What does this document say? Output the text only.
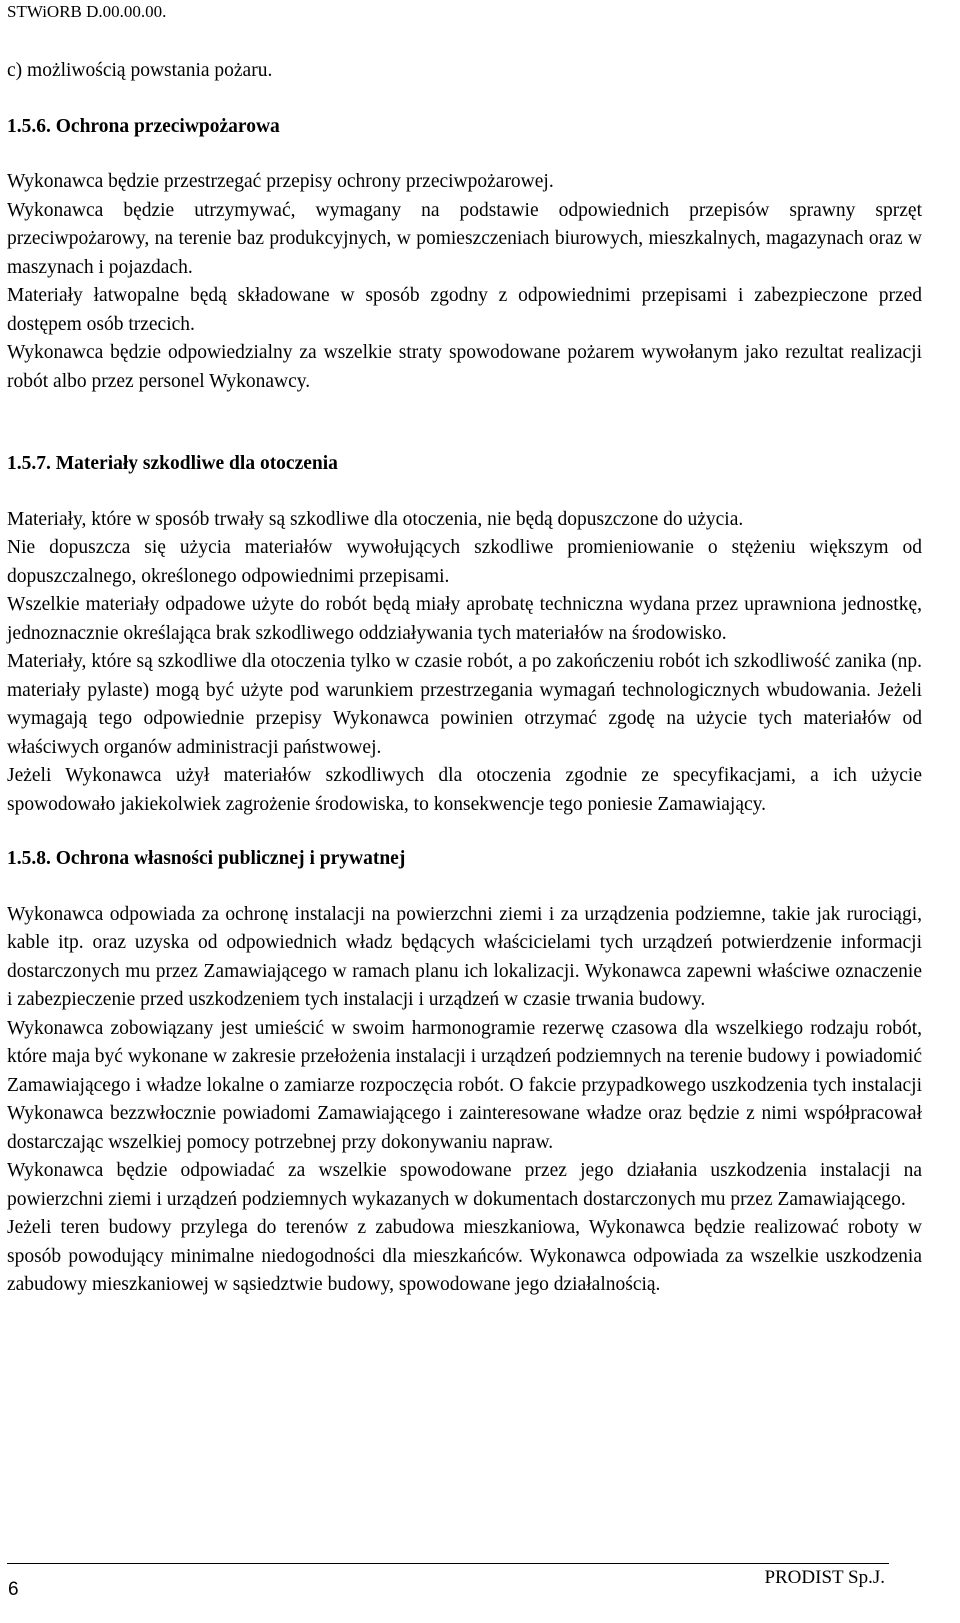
STWiORB D.00.00.00.

c) możliwością powstania pożaru.

1.5.6. Ochrona przeciwpożarowa

Wykonawca będzie przestrzegać przepisy ochrony przeciwpożarowej.

Wykonawca będzie utrzymywać, wymagany na podstawie odpowiednich przepisów sprawny sprzęt przeciwpożarowy, na terenie baz produkcyjnych, w pomieszczeniach biurowych, mieszkalnych, magazynach oraz w maszynach i pojazdach.

Materiały łatwopalne będą składowane w sposób zgodny z odpowiednimi przepisami i zabezpieczone przed dostępem osób trzecich.

Wykonawca będzie odpowiedzialny za wszelkie straty spowodowane pożarem wywołanym jako rezultat realizacji robót albo przez personel Wykonawcy.

1.5.7. Materiały szkodliwe dla otoczenia

Materiały, które w sposób trwały są szkodliwe dla otoczenia, nie będą dopuszczone do użycia.

Nie dopuszcza się użycia materiałów wywołujących szkodliwe promieniowanie o stężeniu większym od dopuszczalnego, określonego odpowiednimi przepisami.

Wszelkie materiały odpadowe użyte do robót będą miały aprobatę techniczna wydana przez uprawniona jednostkę, jednoznacznie określająca brak szkodliwego oddziaływania tych materiałów na środowisko.

Materiały, które są szkodliwe dla otoczenia tylko w czasie robót, a po zakończeniu robót ich szkodliwość zanika (np. materiały pylaste) mogą być użyte pod warunkiem przestrzegania wymagań technologicznych wbudowania. Jeżeli wymagają tego odpowiednie przepisy Wykonawca powinien otrzymać zgodę na użycie tych materiałów od właściwych organów administracji państwowej.

Jeżeli Wykonawca użył materiałów szkodliwych dla otoczenia zgodnie ze specyfikacjami, a ich użycie spowodowało jakiekolwiek zagrożenie środowiska, to konsekwencje tego poniesie Zamawiający.

1.5.8. Ochrona własności publicznej i prywatnej

Wykonawca odpowiada za ochronę instalacji na powierzchni ziemi i za urządzenia podziemne, takie jak rurociągi, kable itp. oraz uzyska od odpowiednich władz będących właścicielami tych urządzeń potwierdzenie informacji dostarczonych mu przez Zamawiającego w ramach planu ich lokalizacji. Wykonawca zapewni właściwe oznaczenie i zabezpieczenie przed uszkodzeniem tych instalacji i urządzeń w czasie trwania budowy.

Wykonawca zobowiązany jest umieścić w swoim harmonogramie rezerwę czasowa dla wszelkiego rodzaju robót, które maja być wykonane w zakresie przełożenia instalacji i urządzeń podziemnych na terenie budowy i powiadomić Zamawiającego i władze lokalne o zamiarze rozpoczęcia robót. O fakcie przypadkowego uszkodzenia tych instalacji Wykonawca bezzwłocznie powiadomi Zamawiającego i zainteresowane władze oraz będzie z nimi współpracował dostarczając wszelkiej pomocy potrzebnej przy dokonywaniu napraw.

Wykonawca będzie odpowiadać za wszelkie spowodowane przez jego działania uszkodzenia instalacji na powierzchni ziemi i urządzeń podziemnych wykazanych w dokumentach dostarczonych mu przez Zamawiającego.

Jeżeli teren budowy przylega do terenów z zabudowa mieszkaniowa, Wykonawca będzie realizować roboty w sposób powodujący minimalne niedogodności dla mieszkańców. Wykonawca odpowiada za wszelkie uszkodzenia zabudowy mieszkaniowej w sąsiedztwie budowy, spowodowane jego działalnością.

6
PRODIST Sp.J.
